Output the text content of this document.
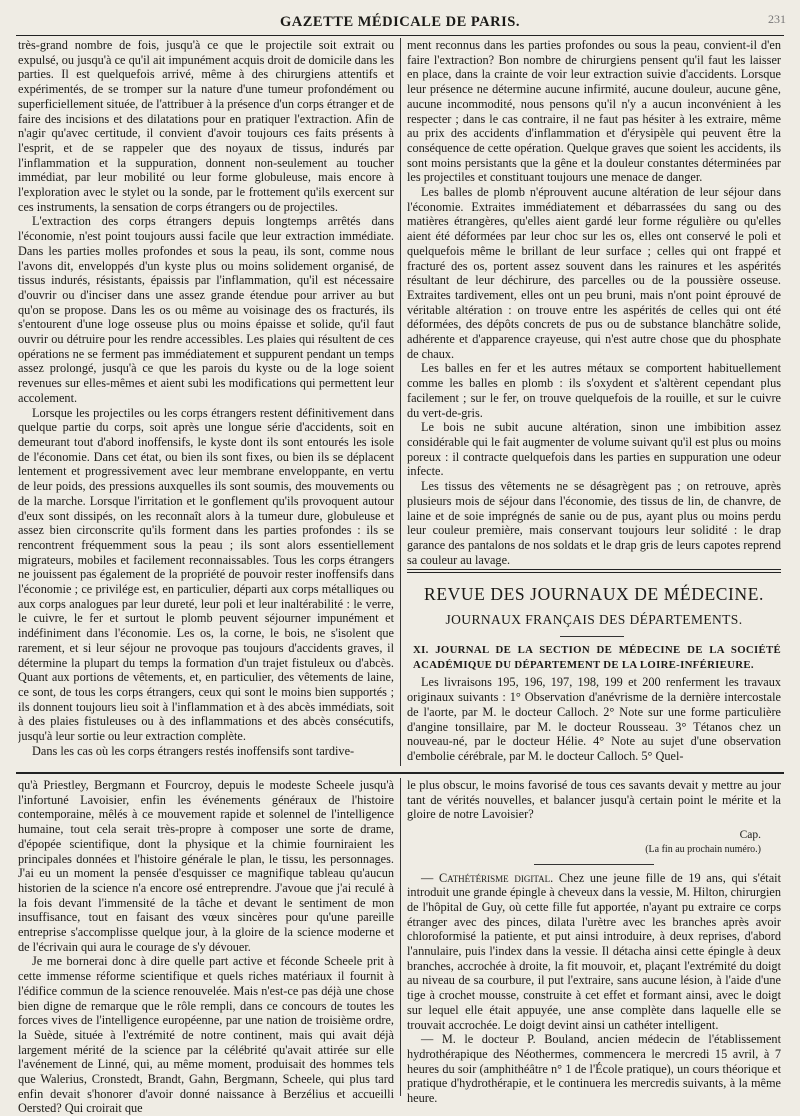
GAZETTE MÉDICALE DE PARIS.	231

très-grand nombre de fois, jusqu'à ce que le projectile soit extrait ou expulsé, ou jusqu'à ce qu'il ait impunément acquis droit de domicile dans les parties. Il est quelquefois arrivé, même à des chirurgiens attentifs et expérimentés, de se tromper sur la nature d'une tumeur profondément ou superficiellement située, de l'attribuer à la présence d'un corps étranger et de faire des incisions et des dilatations pour en pratiquer l'extraction. Afin de n'agir qu'avec certitude, il convient d'avoir toujours ces faits présents à l'esprit, et de se rappeler que des noyaux de tissus, indurés par l'inflammation et la suppuration, donnent non-seulement au toucher immédiat, par leur mobilité ou leur forme globuleuse, mais encore à l'exploration avec le stylet ou la sonde, par le frottement qu'ils exercent sur ces instruments, la sensation de corps étrangers ou de projectiles.

L'extraction des corps étrangers depuis longtemps arrêtés dans l'économie, n'est point toujours aussi facile que leur extraction immédiate. Dans les parties molles profondes et sous la peau, ils sont, comme nous l'avons dit, enveloppés d'un kyste plus ou moins solidement organisé, de tissus indurés, résistants, épaissis par l'inflammation, qu'il est nécessaire d'ouvrir ou d'inciser dans une assez grande étendue pour arriver au but qu'on se propose. Dans les os ou même au voisinage des os fracturés, ils s'entourent d'une loge osseuse plus ou moins épaisse et solide, qu'il faut ouvrir ou détruire pour les rendre accessibles. Les plaies qui résultent de ces opérations ne se ferment pas immédiatement et suppurent pendant un temps assez prolongé, jusqu'à ce que les parois du kyste ou de la loge soient revenues sur elles-mêmes et aient subi les modifications qui permettent leur accolement.

Lorsque les projectiles ou les corps étrangers restent définitivement dans quelque partie du corps, soit après une longue série d'accidents, soit en demeurant tout d'abord inoffensifs, le kyste dont ils sont entourés les isole de l'économie. Dans cet état, ou bien ils sont fixes, ou bien ils se déplacent lentement et progressivement avec leur membrane enveloppante, en vertu de leur poids, des pressions auxquelles ils sont soumis, des mouvements ou de la marche. Lorsque l'irritation et le gonflement qu'ils provoquent autour d'eux sont dissipés, on les reconnaît alors à la tumeur dure, globuleuse et assez bien circonscrite qu'ils forment dans les parties profondes : ils se rencontrent fréquemment sous la peau ; ils sont alors essentiellement migrateurs, mobiles et facilement reconnaissables. Tous les corps étrangers ne jouissent pas également de la propriété de pouvoir rester inoffensifs dans l'économie ; ce privilége est, en particulier, départi aux corps métalliques ou aux corps analogues par leur dureté, leur poli et leur inaltérabilité : le verre, le cuivre, le fer et surtout le plomb peuvent séjourner impunément et indéfiniment dans l'économie. Les os, la corne, le bois, ne s'isolent que rarement, et si leur séjour ne provoque pas toujours d'accidents graves, il détermine la plupart du temps la formation d'un trajet fistuleux ou d'abcès. Quant aux portions de vêtements, et, en particulier, des vêtements de laine, ce sont, de tous les corps étrangers, ceux qui sont le moins bien supportés ; ils donnent toujours lieu soit à l'inflammation et à des abcès immédiats, soit à des plaies fistuleuses ou à des inflammations et des abcès consécutifs, jusqu'à leur sortie ou leur extraction complète.

Dans les cas où les corps étrangers restés inoffensifs sont tardive-

ment reconnus dans les parties profondes ou sous la peau, convient-il d'en faire l'extraction? Bon nombre de chirurgiens pensent qu'il faut les laisser en place, dans la crainte de voir leur extraction suivie d'accidents. Lorsque leur présence ne détermine aucune infirmité, aucune douleur, aucune gêne, aucune incommodité, nous pensons qu'il n'y a aucun inconvénient à les respecter ; dans le cas contraire, il ne faut pas hésiter à les extraire, même au prix des accidents d'inflammation et d'érysipèle qui peuvent être la conséquence de cette opération. Quelque graves que soient les accidents, ils sont moins persistants que la gêne et la douleur constantes déterminées par les projectiles et constituant toujours une menace de danger.

Les balles de plomb n'éprouvent aucune altération de leur séjour dans l'économie. Extraites immédiatement et débarrassées du sang ou des matières étrangères, qu'elles aient gardé leur forme régulière ou qu'elles aient été déformées par leur choc sur les os, elles ont conservé le poli et quelquefois même le brillant de leur surface ; celles qui ont frappé et fracturé des os, portent assez souvent dans les rainures et les aspérités résultant de leur déchirure, des parcelles ou de la poussière osseuse. Extraites tardivement, elles ont un peu bruni, mais n'ont point éprouvé de véritable altération : on trouve entre les aspérités de celles qui ont été déformées, des dépôts concrets de pus ou de substance blanchâtre solide, adhérente et d'apparence crayeuse, qui n'est autre chose que du phosphate de chaux.

Les balles en fer et les autres métaux se comportent habituellement comme les balles en plomb : ils s'oxydent et s'altèrent cependant plus facilement ; sur le fer, on trouve quelquefois de la rouille, et sur le cuivre du vert-de-gris.

Le bois ne subit aucune altération, sinon une imbibition assez considérable qui le fait augmenter de volume suivant qu'il est plus ou moins poreux : il contracte quelquefois dans les parties en suppuration une odeur infecte.

Les tissus des vêtements ne se désagrègent pas ; on retrouve, après plusieurs mois de séjour dans l'économie, des tissus de lin, de chanvre, de laine et de soie imprégnés de sanie ou de pus, ayant plus ou moins perdu leur couleur première, mais conservant toujours leur solidité : le drap garance des pantalons de nos soldats et le drap gris de leurs capotes reprend sa couleur au lavage.

REVUE DES JOURNAUX DE MÉDECINE.
JOURNAUX FRANÇAIS DES DÉPARTEMENTS.

XI. JOURNAL DE LA SECTION DE MÉDECINE DE LA SOCIÉTÉ ACADÉMIQUE DU DÉPARTEMENT DE LA LOIRE-INFÉRIEURE.

Les livraisons 195, 196, 197, 198, 199 et 200 renferment les travaux originaux suivants : 1° Observation d'anévrisme de la dernière intercostale de l'aorte, par M. le docteur Calloch. 2° Note sur une forme particulière d'angine tonsillaire, par M. le docteur Rousseau. 3° Tétanos chez un nouveau-né, par le docteur Hélie. 4° Note au sujet d'une observation d'embolie cérébrale, par M. le docteur Calloch. 5° Quel-

qu'à Priestley, Bergmann et Fourcroy, depuis le modeste Scheele jusqu'à l'infortuné Lavoisier, enfin les événements généraux de l'histoire contemporaine, mêlés à ce mouvement rapide et solennel de l'intelligence humaine, tout cela serait très-propre à composer une sorte de drame, d'épopée scientifique, dont la physique et la chimie fourniraient les principales données et l'histoire générale le plan, le tissu, les personnages. J'ai eu un moment la pensée d'esquisser ce magnifique tableau qu'aucun historien de la science n'a encore osé entreprendre. J'avoue que j'ai reculé à la fois devant l'immensité de la tâche et devant le sentiment de mon insuffisance, tout en faisant des vœux sincères pour qu'une pareille entreprise s'accomplisse quelque jour, à la gloire de la science moderne et de l'écrivain qui aura le courage de s'y dévouer.

Je me bornerai donc à dire quelle part active et féconde Scheele prit à cette immense réforme scientifique et quels riches matériaux il fournit à l'édifice commun de la science renouvelée. Mais n'est-ce pas déjà une chose bien digne de remarque que le rôle rempli, dans ce concours de toutes les forces vives de l'intelligence européenne, par une nation de troisième ordre, la Suède, située à l'extrémité de notre continent, mais qui avait déjà largement mérité de la science par la célébrité qu'avait attirée sur elle l'avénement de Linné, qui, au même moment, produisait des hommes tels que Walerius, Cronstedt, Brandt, Gahn, Bergmann, Scheele, qui plus tard enfin devait s'honorer d'avoir donné naissance à Berzélius et accueilli Oersted? Qui croirait que

le plus obscur, le moins favorisé de tous ces savants devait y mettre au jour tant de vérités nouvelles, et balancer jusqu'à certain point le mérite et la gloire de notre Lavoisier?

Cap.

(La fin au prochain numéro.)

— Cathétérisme digital. Chez une jeune fille de 19 ans, qui s'était introduit une grande épingle à cheveux dans la vessie, M. Hilton, chirurgien de l'hôpital de Guy, où cette fille fut apportée, n'ayant pu extraire ce corps étranger avec des pinces, dilata l'urètre avec les branches après avoir chloroformisé la patiente, et put ainsi introduire, à deux reprises, d'abord l'annulaire, puis l'index dans la vessie. Il détacha ainsi cette épingle à deux branches, accrochée à droite, la fit mouvoir, et, plaçant l'extrémité du doigt au niveau de sa courbure, il put l'extraire, sans aucune lésion, à l'aide d'une tige à crochet mousse, construite à cet effet et formant ainsi, avec le doigt sur lequel elle était appuyée, une anse complète dans laquelle elle se trouvait accrochée. Le doigt devint ainsi un cathéter intelligent.

— M. le docteur P. Bouland, ancien médecin de l'établissement hydrothérapique des Néothermes, commencera le mercredi 15 avril, à 7 heures du soir (amphithéâtre n° 1 de l'École pratique), un cours théorique et pratique d'hydrothérapie, et le continuera les mercredis suivants, à la même heure.
